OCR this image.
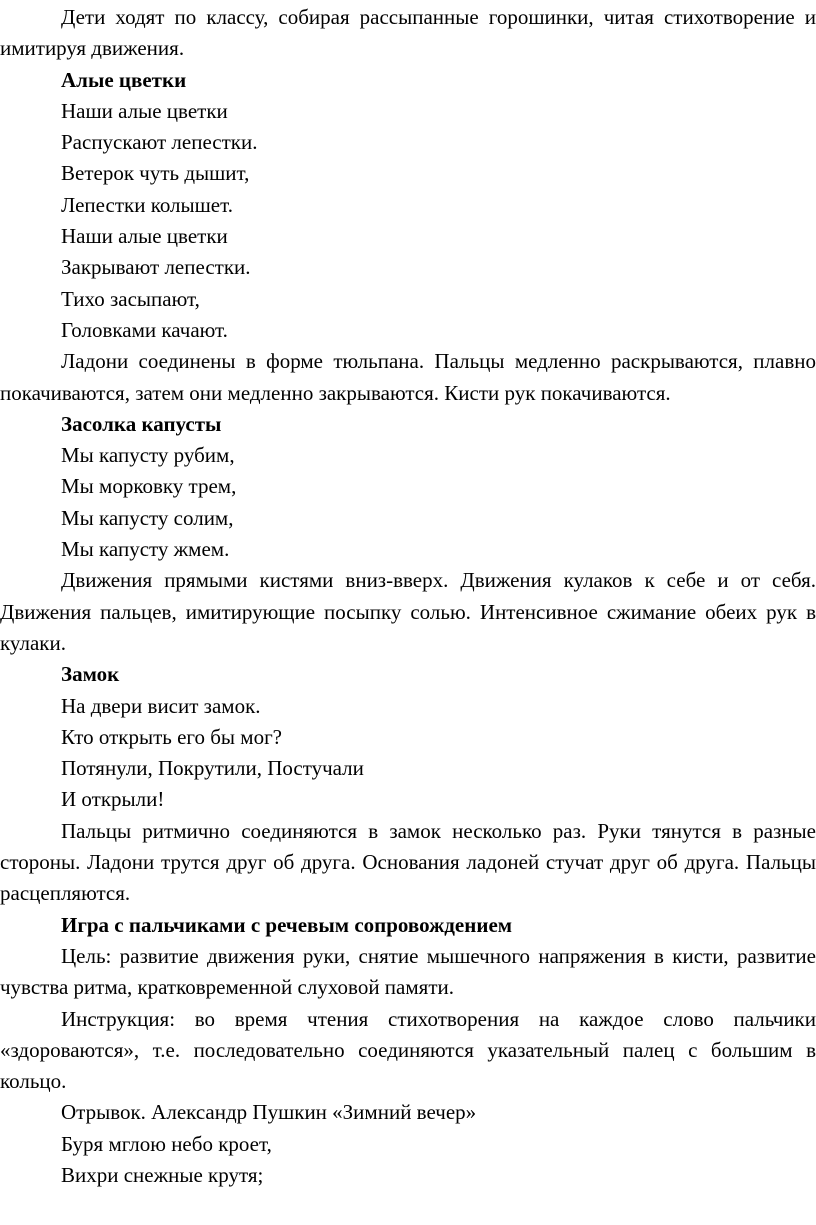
Дети ходят по классу, собирая рассыпанные горошинки, читая стихотворение и имитируя движения.

Алые цветки
Наши алые цветки
Распускают лепестки.
Ветерок чуть дышит,
Лепестки колышет.
Наши алые цветки
Закрывают лепестки.
Тихо засыпают,
Головками качают.

Ладони соединены в форме тюльпана. Пальцы медленно раскрываются, плавно покачиваются, затем они медленно закрываются. Кисти рук покачиваются.

Засолка капусты
Мы капусту рубим,
Мы морковку трем,
Мы капусту солим,
Мы капусту жмем.

Движения прямыми кистями вниз-вверх. Движения кулаков к себе и от себя. Движения пальцев, имитирующие посыпку солью. Интенсивное сжимание обеих рук в кулаки.

Замок
На двери висит замок.
Кто открыть его бы мог?
Потянули, Покрутили, Постучали
И открыли!

Пальцы ритмично соединяются в замок несколько раз. Руки тянутся в разные стороны. Ладони трутся друг об друга. Основания ладоней стучат друг об друга. Пальцы расцепляются.

Игра с пальчиками с речевым сопровождением

Цель: развитие движения руки, снятие мышечного напряжения в кисти, развитие чувства ритма, кратковременной слуховой памяти.

Инструкция: во время чтения стихотворения на каждое слово пальчики «здороваются», т.е. последовательно соединяются указательный палец с большим в кольцо.

Отрывок. Александр Пушкин «Зимний вечер»
Буря мглою небо кроет,
Вихри снежные крутя;
